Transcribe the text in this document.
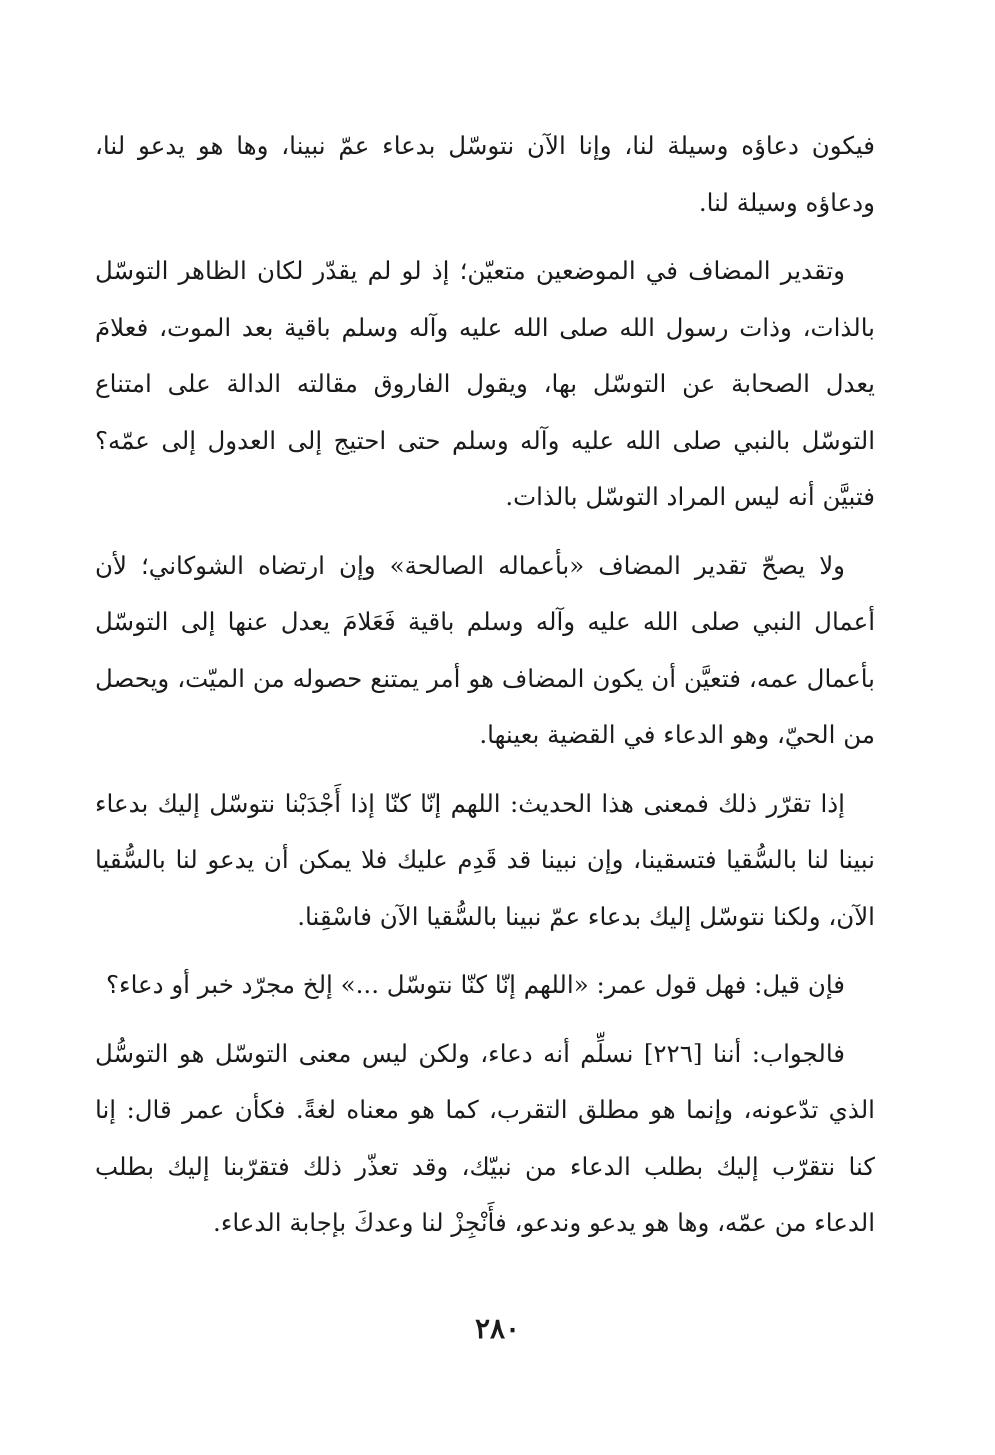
فيكون دعاؤه وسيلة لنا، وإنا الآن نتوسّل بدعاء عمّ نبينا، وها هو يدعو لنا، ودعاؤه وسيلة لنا.

وتقدير المضاف في الموضعين متعيّن؛ إذ لو لم يقدّر لكان الظاهر التوسّل بالذات، وذات رسول الله صلى الله عليه وآله وسلم باقية بعد الموت، فعلامَ يعدل الصحابة عن التوسّل بها، ويقول الفاروق مقالته الدالة على امتناع التوسّل بالنبي صلى الله عليه وآله وسلم حتى احتيج إلى العدول إلى عمّه؟ فتبيَّن أنه ليس المراد التوسّل بالذات.

ولا يصحّ تقدير المضاف «بأعماله الصالحة» وإن ارتضاه الشوكاني؛ لأن أعمال النبي صلى الله عليه وآله وسلم باقية فَعَلامَ يعدل عنها إلى التوسّل بأعمال عمه، فتعيَّن أن يكون المضاف هو أمر يمتنع حصوله من الميّت، ويحصل من الحيّ، وهو الدعاء في القضية بعينها.

إذا تقرّر ذلك فمعنى هذا الحديث: اللهم إنّا كنّا إذا أَجْدَبْنا نتوسّل إليك بدعاء نبينا لنا بالسُّقيا فتسقينا، وإن نبينا قد قَدِم عليك فلا يمكن أن يدعو لنا بالسُّقيا الآن، ولكنا نتوسّل إليك بدعاء عمّ نبينا بالسُّقيا الآن فاسْقِنا.

فإن قيل: فهل قول عمر: «اللهم إنّا كنّا نتوسّل ...» إلخ مجرّد خبر أو دعاء؟

فالجواب: أننا [٢٢٦] نسلِّم أنه دعاء، ولكن ليس معنى التوسّل هو التوسُّل الذي تدّعونه، وإنما هو مطلق التقرب، كما هو معناه لغةً. فكأن عمر قال: إنا كنا نتقرّب إليك بطلب الدعاء من نبيّك، وقد تعذّر ذلك فتقرّبنا إليك بطلب الدعاء من عمّه، وها هو يدعو وندعو، فأَنْجِزْ لنا وعدكَ بإجابة الدعاء.

٢٨٠
